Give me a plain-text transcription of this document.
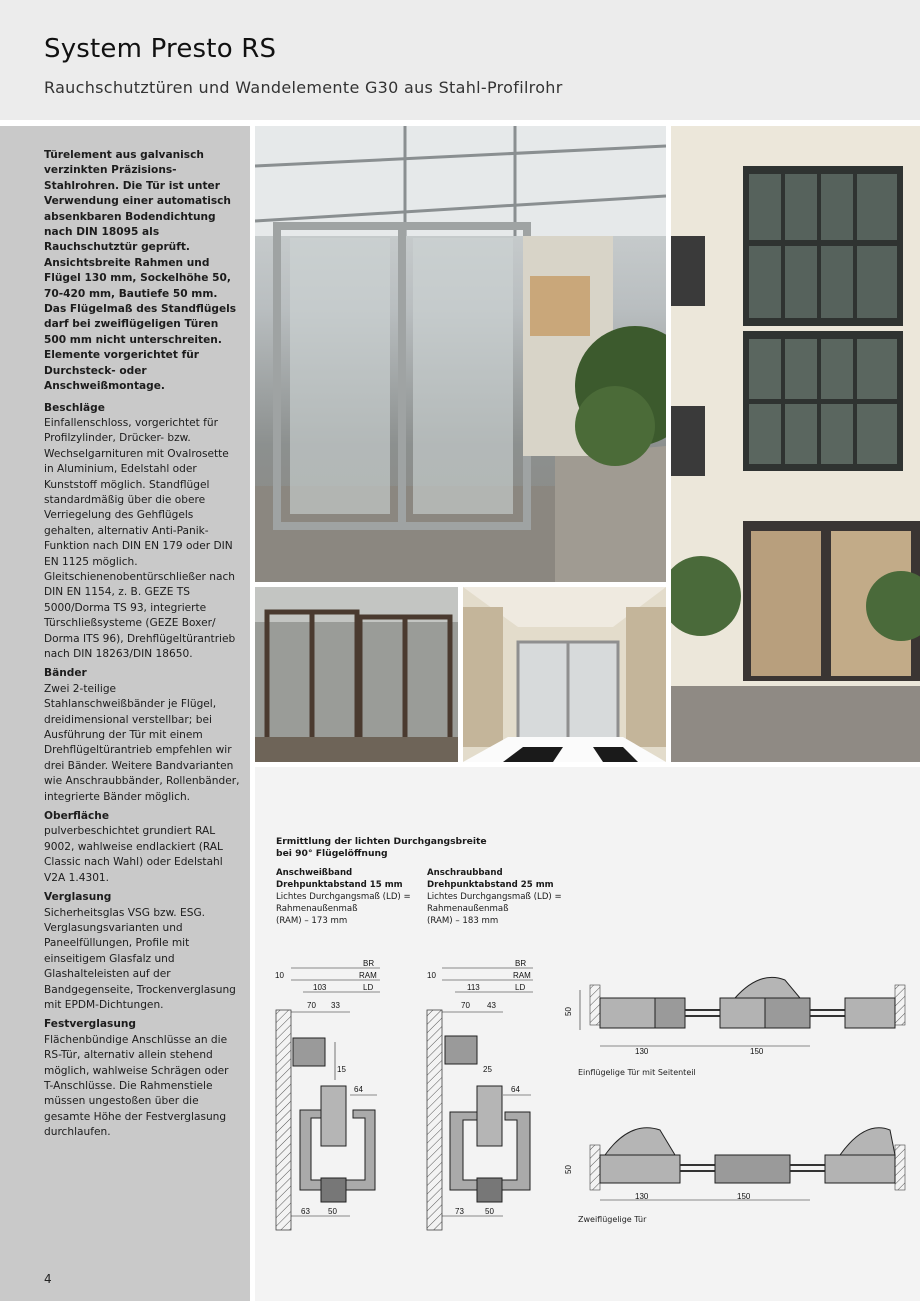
System Presto RS
Rauchschutztüren und Wandelemente G30 aus Stahl-Profilrohr

Türelement aus galvanisch verzinkten Präzisions-Stahlrohren. Die Tür ist unter Verwendung einer automatisch absenkbaren Bodendichtung nach DIN 18095 als Rauchschutztür geprüft. Ansichtsbreite Rahmen und Flügel 130 mm, Sockelhöhe 50, 70-420 mm, Bautiefe 50 mm. Das Flügelmaß des Standflügels darf bei zweiflügeligen Türen 500 mm nicht unterschreiten. Elemente vorgerichtet für Durchsteck- oder Anschweißmontage.

Beschläge

Einfallenschloss, vorgerichtet für Profilzylinder, Drücker- bzw. Wechselgarnituren mit Ovalrosette in Aluminium, Edelstahl oder Kunststoff möglich. Standflügel standardmäßig über die obere Verriegelung des Gehflügels gehalten, alternativ Anti-Panik-Funktion nach DIN EN 179 oder DIN EN 1125 möglich. Gleitschienenobentürschließer nach DIN EN 1154, z. B. GEZE TS 5000/Dorma TS 93, integrierte Türschließsysteme (GEZE Boxer/ Dorma ITS 96), Drehflügeltürantrieb nach DIN 18263/DIN 18650.

Bänder

Zwei 2-teilige Stahlanschweißbänder je Flügel, dreidimensional verstellbar; bei Ausführung der Tür mit einem Drehflügeltürantrieb empfehlen wir drei Bänder. Weitere Bandvarianten wie Anschraubbänder, Rollenbänder, integrierte Bänder möglich.

Oberfläche

pulverbeschichtet grundiert RAL 9002, wahlweise endlackiert (RAL Classic nach Wahl) oder Edelstahl V2A 1.4301.

Verglasung

Sicherheitsglas VSG bzw. ESG. Verglasungsvarianten und Paneelfüllungen, Profile mit einseitigem Glasfalz und Glashalteleisten auf der Bandgegenseite, Trockenverglasung mit EPDM-Dichtungen.

Festverglasung

Flächenbündige Anschlüsse an die RS-Tür, alternativ allein stehend möglich, wahlweise Schrägen oder T-Anschlüsse. Die Rahmenstiele müssen ungestoßen über die gesamte Höhe der Festverglasung durchlaufen.

4
Ermittlung der lichten Durchgangsbreite
bei 90° Flügelöffnung
Anschweißband
Drehpunktabstand 15 mm
Lichtes Durchgangsmaß (LD) =
Rahmenaußenmaß
(RAM) – 173 mm
Anschraubband
Drehpunktabstand 25 mm
Lichtes Durchgangsmaß (LD) =
Rahmenaußenmaß
(RAM) – 183 mm
BR
RAM
LD
10
103
70 33
15
64
63 50
BR
RAM
LD
10
113
70 43
25
64
73	50
50
130	150
50
130	150
Einflügelige Tür mit Seitenteil
Zweiflügelige Tür
